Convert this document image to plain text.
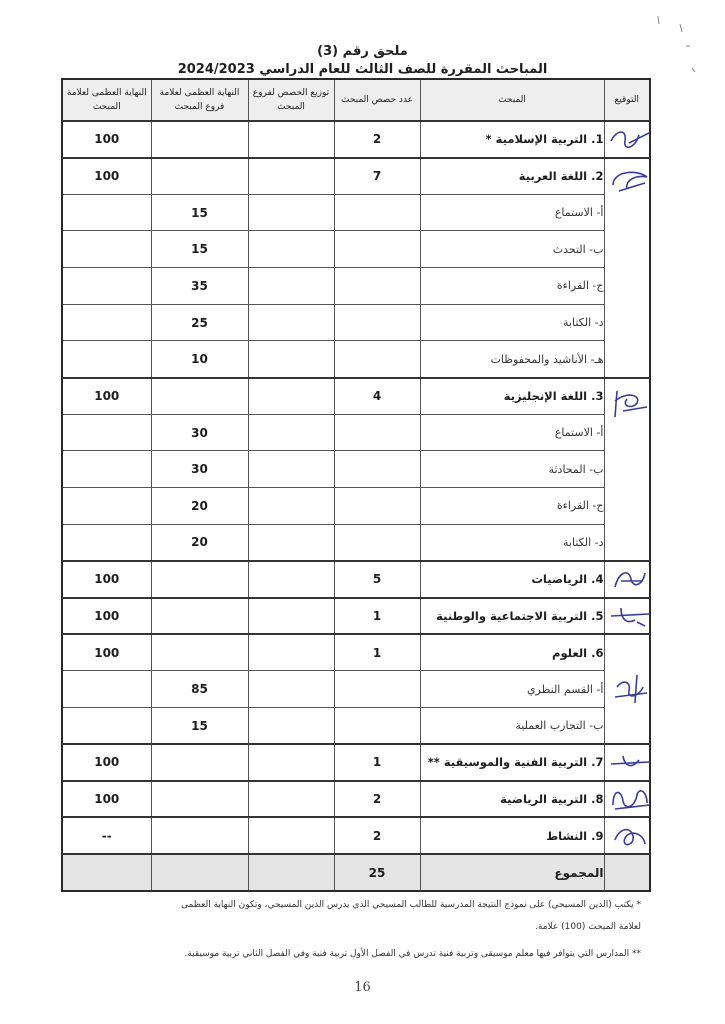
ملحق رقم (3)
المباحث المقررة للصف الثالث للعام الدراسي 2024/2023
التوقيع	المبحث	عدد حصص المبحث	توزيع الحصص لفروع المبحث	النهاية العظمى لعلامة فروع المبحث	النهاية العظمى لعلامة المبحث

	1. التربية الإسلامية *	2			100

	2. اللغة العربية	7			100
	أ- الاستماع			15	
	ب- التحدث			15	
	ج- القراءة			35	
	د- الكتابة			25	
	هـ- الأناشيد والمحفوظات			10	

	3. اللغة الإنجليزية	4			100
	أ- الاستماع			30	
	ب- المحادثة			30	
	ج- القراءة			20	
	د- الكتابة			20	

	4. الرياضيات	5			100

	5. التربية الاجتماعية والوطنية	1			100

	6. العلوم	1			100
	أ- القسم النظري			85	
	ب- التجارب العملية			15	

	7. التربية الفنية والموسيقية **	1			100

	8. التربية الرياضية	2			100

	9. النشاط	2			--
	المجموع	25			
* يكتب (الدين المسيحي) على نموذج النتيجة المدرسية للطالب المسيحي الذي يدرس الدين المسيحي، وتكون النهاية العظمى
لعلامة المبحث (100) علامة.
** المدارس التي يتوافر فيها معلم موسيقى وتربية فنية تدرس في الفصل الأول تربية فنية وفي الفصل الثاني تربية موسيقية.
16
